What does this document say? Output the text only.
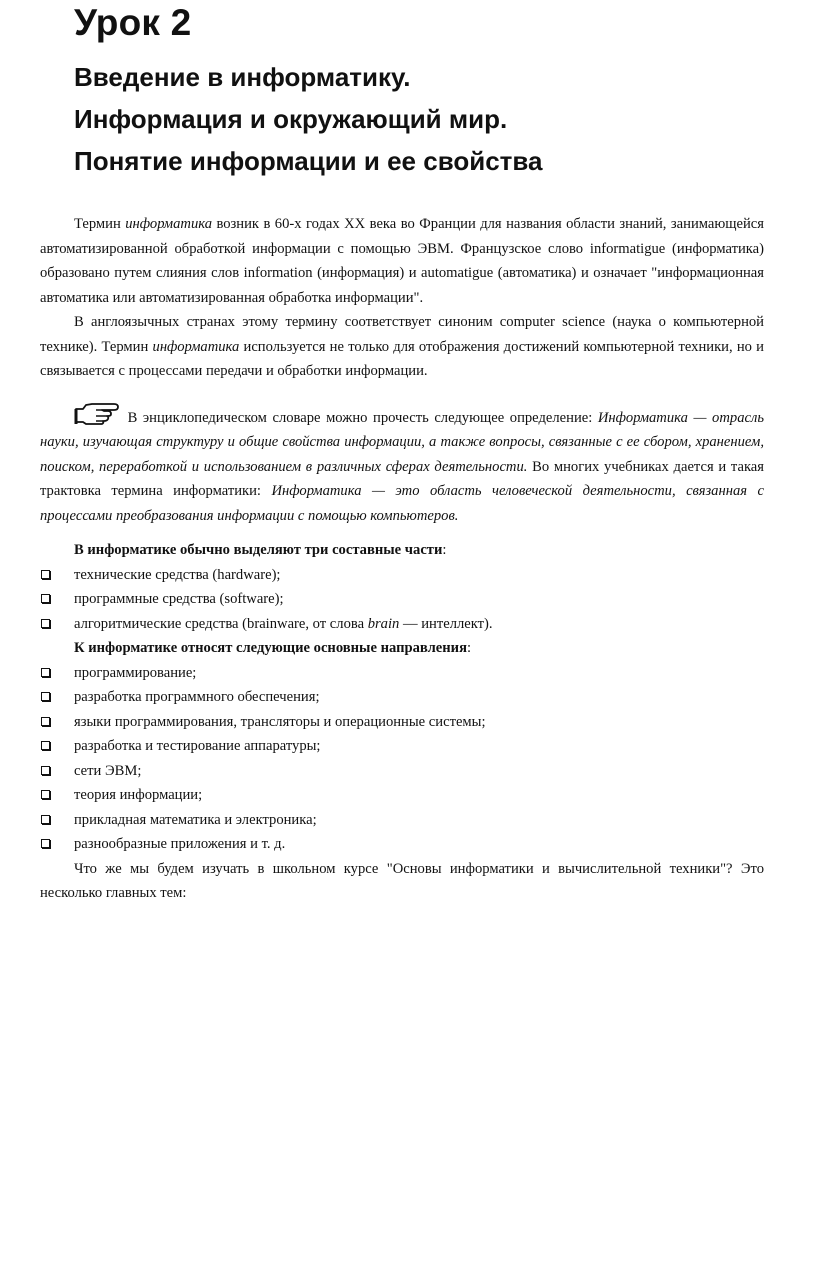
Урок 2
Введение в информатику.
Информация и окружающий мир.
Понятие информации и ее свойства

Термин информатика возник в 60-х годах XX века во Франции для названия области знаний, занимающейся автоматизированной обработкой информации с помощью ЭВМ. Французское слово informatigue (информатика) образовано путем слияния слов information (информация) и automatigue (автоматика) и означает "информационная автоматика или автоматизированная обработка информации".

В англоязычных странах этому термину соответствует синоним computer science (наука о компьютерной технике). Термин информатика используется не только для отображения достижений компьютерной техники, но и связывается с процессами передачи и обработки информации.

В энциклопедическом словаре можно прочесть следующее определение: Информатика — отрасль науки, изучающая структуру и общие свойства информации, а также вопросы, связанные с ее сбором, хранением, поиском, переработкой и использованием в различных сферах деятельности. Во многих учебниках дается и такая трактовка термина информатики: Информатика — это область человеческой деятельности, связанная с процессами преобразования информации с помощью компьютеров.

В информатике обычно выделяют три составные части:

технические средства (hardware);
программные средства (software);
алгоритмические средства (brainware, от слова brain — интеллект).

К информатике относят следующие основные направления:

программирование;
разработка программного обеспечения;
языки программирования, трансляторы и операционные системы;
разработка и тестирование аппаратуры;
сети ЭВМ;
теория информации;
прикладная математика и электроника;
разнообразные приложения и т. д.

Что же мы будем изучать в школьном курсе "Основы информатики и вычислительной техники"? Это несколько главных тем:
